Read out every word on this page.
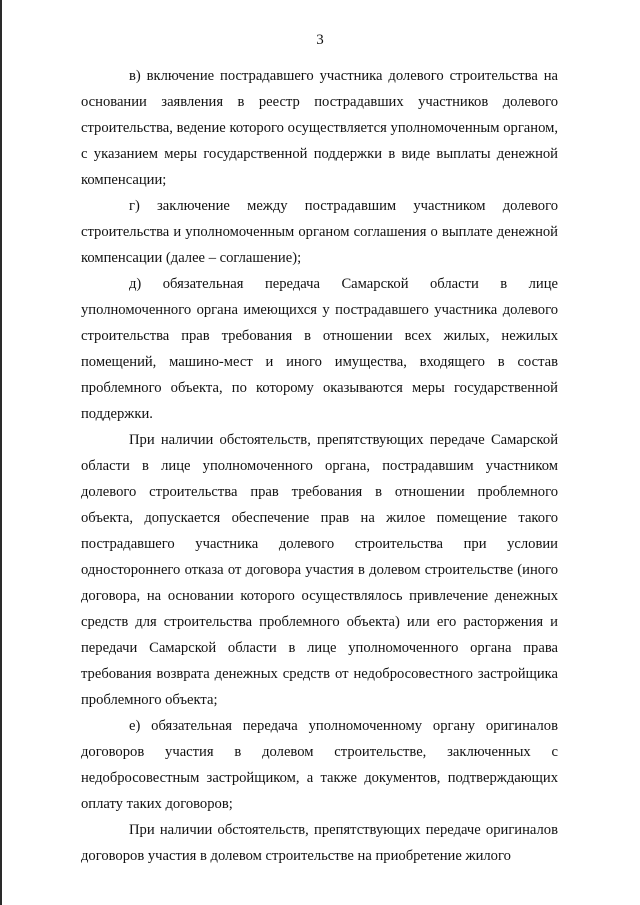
3

в) включение пострадавшего участника долевого строительства на основании заявления в реестр пострадавших участников долевого строительства, ведение которого осуществляется уполномоченным органом, с указанием меры государственной поддержки в виде выплаты денежной компенсации;

г) заключение между пострадавшим участником долевого строительства и уполномоченным органом соглашения о выплате денежной компенсации (далее – соглашение);

д) обязательная передача Самарской области в лице уполномоченного органа имеющихся у пострадавшего участника долевого строительства прав требования в отношении всех жилых, нежилых помещений, машино-мест и иного имущества, входящего в состав проблемного объекта, по которому оказываются меры государственной поддержки.

При наличии обстоятельств, препятствующих передаче Самарской области в лице уполномоченного органа, пострадавшим участником долевого строительства прав требования в отношении проблемного объекта, допускается обеспечение прав на жилое помещение такого пострадавшего участника долевого строительства при условии одностороннего отказа от договора участия в долевом строительстве (иного договора, на основании которого осуществлялось привлечение денежных средств для строительства проблемного объекта) или его расторжения и передачи Самарской области в лице уполномоченного органа права требования возврата денежных средств от недобросовестного застройщика проблемного объекта;

е) обязательная передача уполномоченному органу оригиналов договоров участия в долевом строительстве, заключенных с недобросовестным застройщиком, а также документов, подтверждающих оплату таких договоров;

При наличии обстоятельств, препятствующих передаче оригиналов договоров участия в долевом строительстве на приобретение жилого
